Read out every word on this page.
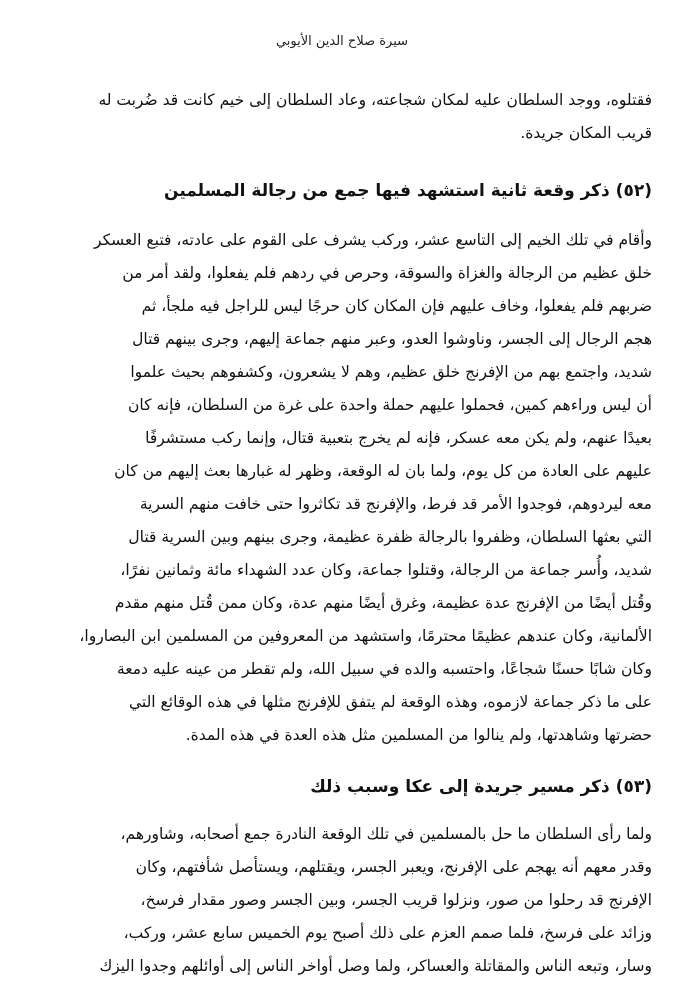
سيرة صلاح الدين الأيوبي
فقتلوه، ووجد السلطان عليه لمكان شجاعته، وعاد السلطان إلى خيم كانت قد ضُربت له
قريب المكان جريدة.
(٥٢) ذكر وقعة ثانية استشهد فيها جمع من رجالة المسلمين
وأقام في تلك الخيم إلى التاسع عشر، وركب يشرف على القوم على عادته، فتبع العسكر
خلق عظيم من الرجالة والغزاة والسوقة، وحرص في ردهم فلم يفعلوا، ولقد أمر من
ضربهم فلم يفعلوا، وخاف عليهم فإن المكان كان حرجًا ليس للراجل فيه ملجأ، ثم
هجم الرجال إلى الجسر، وناوشوا العدو، وعبر منهم جماعة إليهم، وجرى بينهم قتال
شديد، واجتمع بهم من الإفرنج خلق عظيم، وهم لا يشعرون، وكشفوهم بحيث علموا
أن ليس وراءهم كمين، فحملوا عليهم حملة واحدة على غرة من السلطان، فإنه كان
بعيدًا عنهم، ولم يكن معه عسكر، فإنه لم يخرج بتعبية قتال، وإنما ركب مستشرفًا
عليهم على العادة من كل يوم، ولما بان له الوقعة، وظهر له غبارها بعث إليهم من كان
معه ليردوهم، فوجدوا الأمر قد فرط، والإفرنج قد تكاثروا حتى خافت منهم السرية
التي بعثها السلطان، وظفروا بالرجالة ظفرة عظيمة، وجرى بينهم وبين السرية قتال
شديد، وأُسر جماعة من الرجالة، وقتلوا جماعة، وكان عدد الشهداء مائة وثمانين نفرًا،
وقُتل أيضًا من الإفرنج عدة عظيمة، وغرق أيضًا منهم عدة، وكان ممن قُتل منهم مقدم
الألمانية، وكان عندهم عظيمًا محترمًا، واستشهد من المعروفين من المسلمين ابن البصاروا،
وكان شابًا حسنًا شجاعًا، واحتسبه والده في سبيل الله، ولم تقطر من عينه عليه دمعة
على ما ذكر جماعة لازموه، وهذه الوقعة لم يتفق للإفرنج مثلها في هذه الوقائع التي
حضرتها وشاهدتها، ولم ينالوا من المسلمين مثل هذه العدة في هذه المدة.
(٥٣) ذكر مسير جريدة إلى عكا وسبب ذلك
ولما رأى السلطان ما حل بالمسلمين في تلك الوقعة النادرة جمع أصحابه، وشاورهم،
وقدر معهم أنه يهجم على الإفرنج، ويعبر الجسر، ويقتلهم، ويستأصل شأفتهم، وكان
الإفرنج قد رحلوا من صور، ونزلوا قريب الجسر، وبين الجسر وصور مقدار فرسخ،
وزائد على فرسخ، فلما صمم العزم على ذلك أصبح يوم الخميس سابع عشر، وركب،
وسار، وتبعه الناس والمقاتلة والعساكر، ولما وصل أواخر الناس إلى أوائلهم وجدوا اليزك
